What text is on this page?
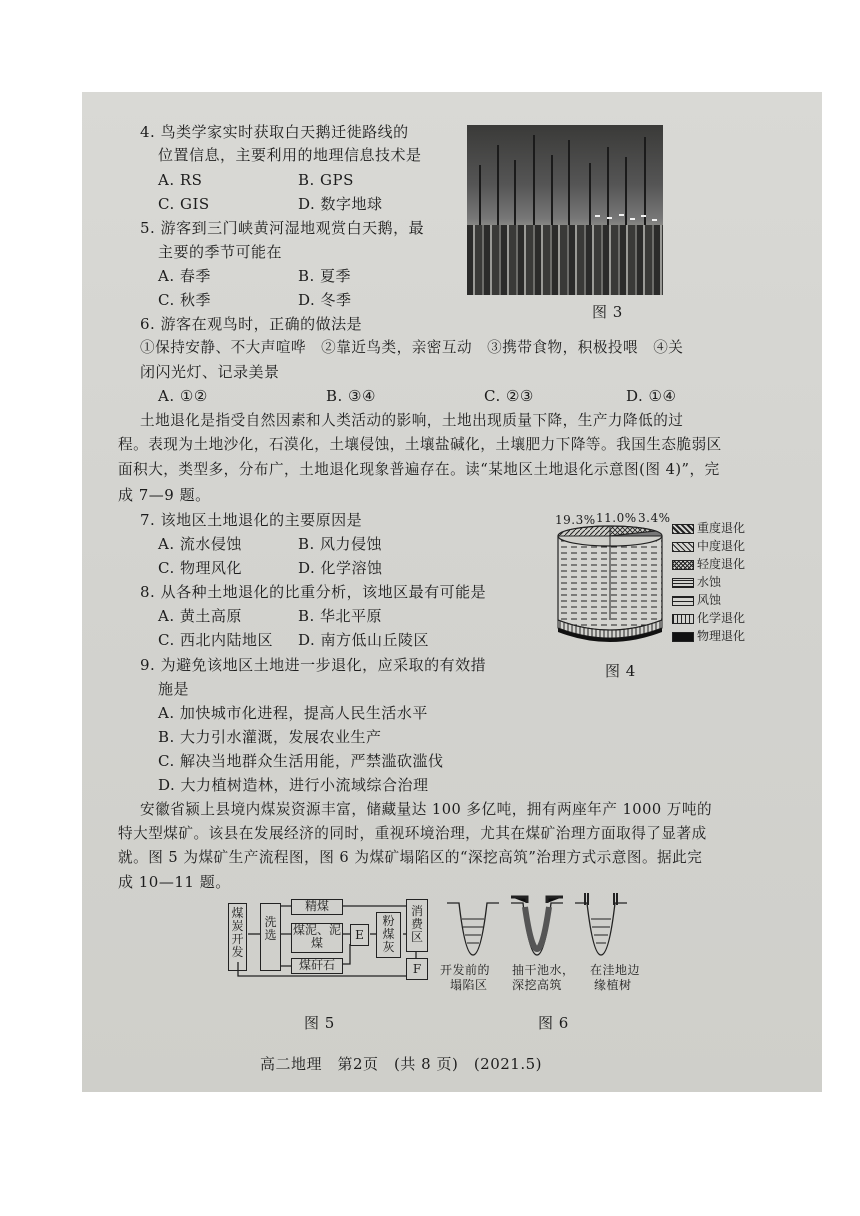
4. 鸟类学家实时获取白天鹅迁徙路线的
位置信息，主要利用的地理信息技术是
A. RS	B. GPS
C. GIS	D. 数字地球
5. 游客到三门峡黄河湿地观赏白天鹅，最
主要的季节可能在
A. 春季	B. 夏季
C. 秋季	D. 冬季
图 3
6. 游客在观鸟时，正确的做法是
①保持安静、不大声喧哗　②靠近鸟类，亲密互动　③携带食物，积极投喂　④关
闭闪光灯、记录美景
A. ①②	B. ③④	C. ②③	D. ①④
土地退化是指受自然因素和人类活动的影响，土地出现质量下降，生产力降低的过
程。表现为土地沙化，石漠化，土壤侵蚀，土壤盐碱化，土壤肥力下降等。我国生态脆弱区
面积大，类型多，分布广，土地退化现象普遍存在。读“某地区土地退化示意图(图 4)”，完
成 7—9 题。
7. 该地区土地退化的主要原因是
A. 流水侵蚀	B. 风力侵蚀
C. 物理风化	D. 化学溶蚀
8. 从各种土地退化的比重分析，该地区最有可能是
A. 黄土高原	B. 华北平原
C. 西北内陆地区 D. 南方低山丘陵区
9. 为避免该地区土地进一步退化，应采取的有效措
施是
A. 加快城市化进程，提高人民生活水平
B. 大力引水灌溉，发展农业生产
C. 解决当地群众生活用能，严禁滥砍滥伐
D. 大力植树造林，进行小流域综合治理
19.3% 11.0% 3.4%
重度退化
中度退化
轻度退化
水蚀
风蚀
化学退化
物理退化
图 4
安徽省颍上县境内煤炭资源丰富，储藏量达 100 多亿吨，拥有两座年产 1000 万吨的
特大型煤矿。该县在发展经济的同时，重视环境治理，尤其在煤矿治理方面取得了显著成
就。图 5 为煤矿生产流程图，图 6 为煤矿塌陷区的“深挖高筑”治理方式示意图。据此完
成 10—11 题。
煤炭开发
洗选
精煤
煤泥、泥煤
煤矸石
E
粉煤灰
消费区
F
图 5
开发前的
塌陷区
抽干池水，
深挖高筑
在洼地边
缘植树
图 6
高二地理　第2页　(共 8 页)　(2021.5)
